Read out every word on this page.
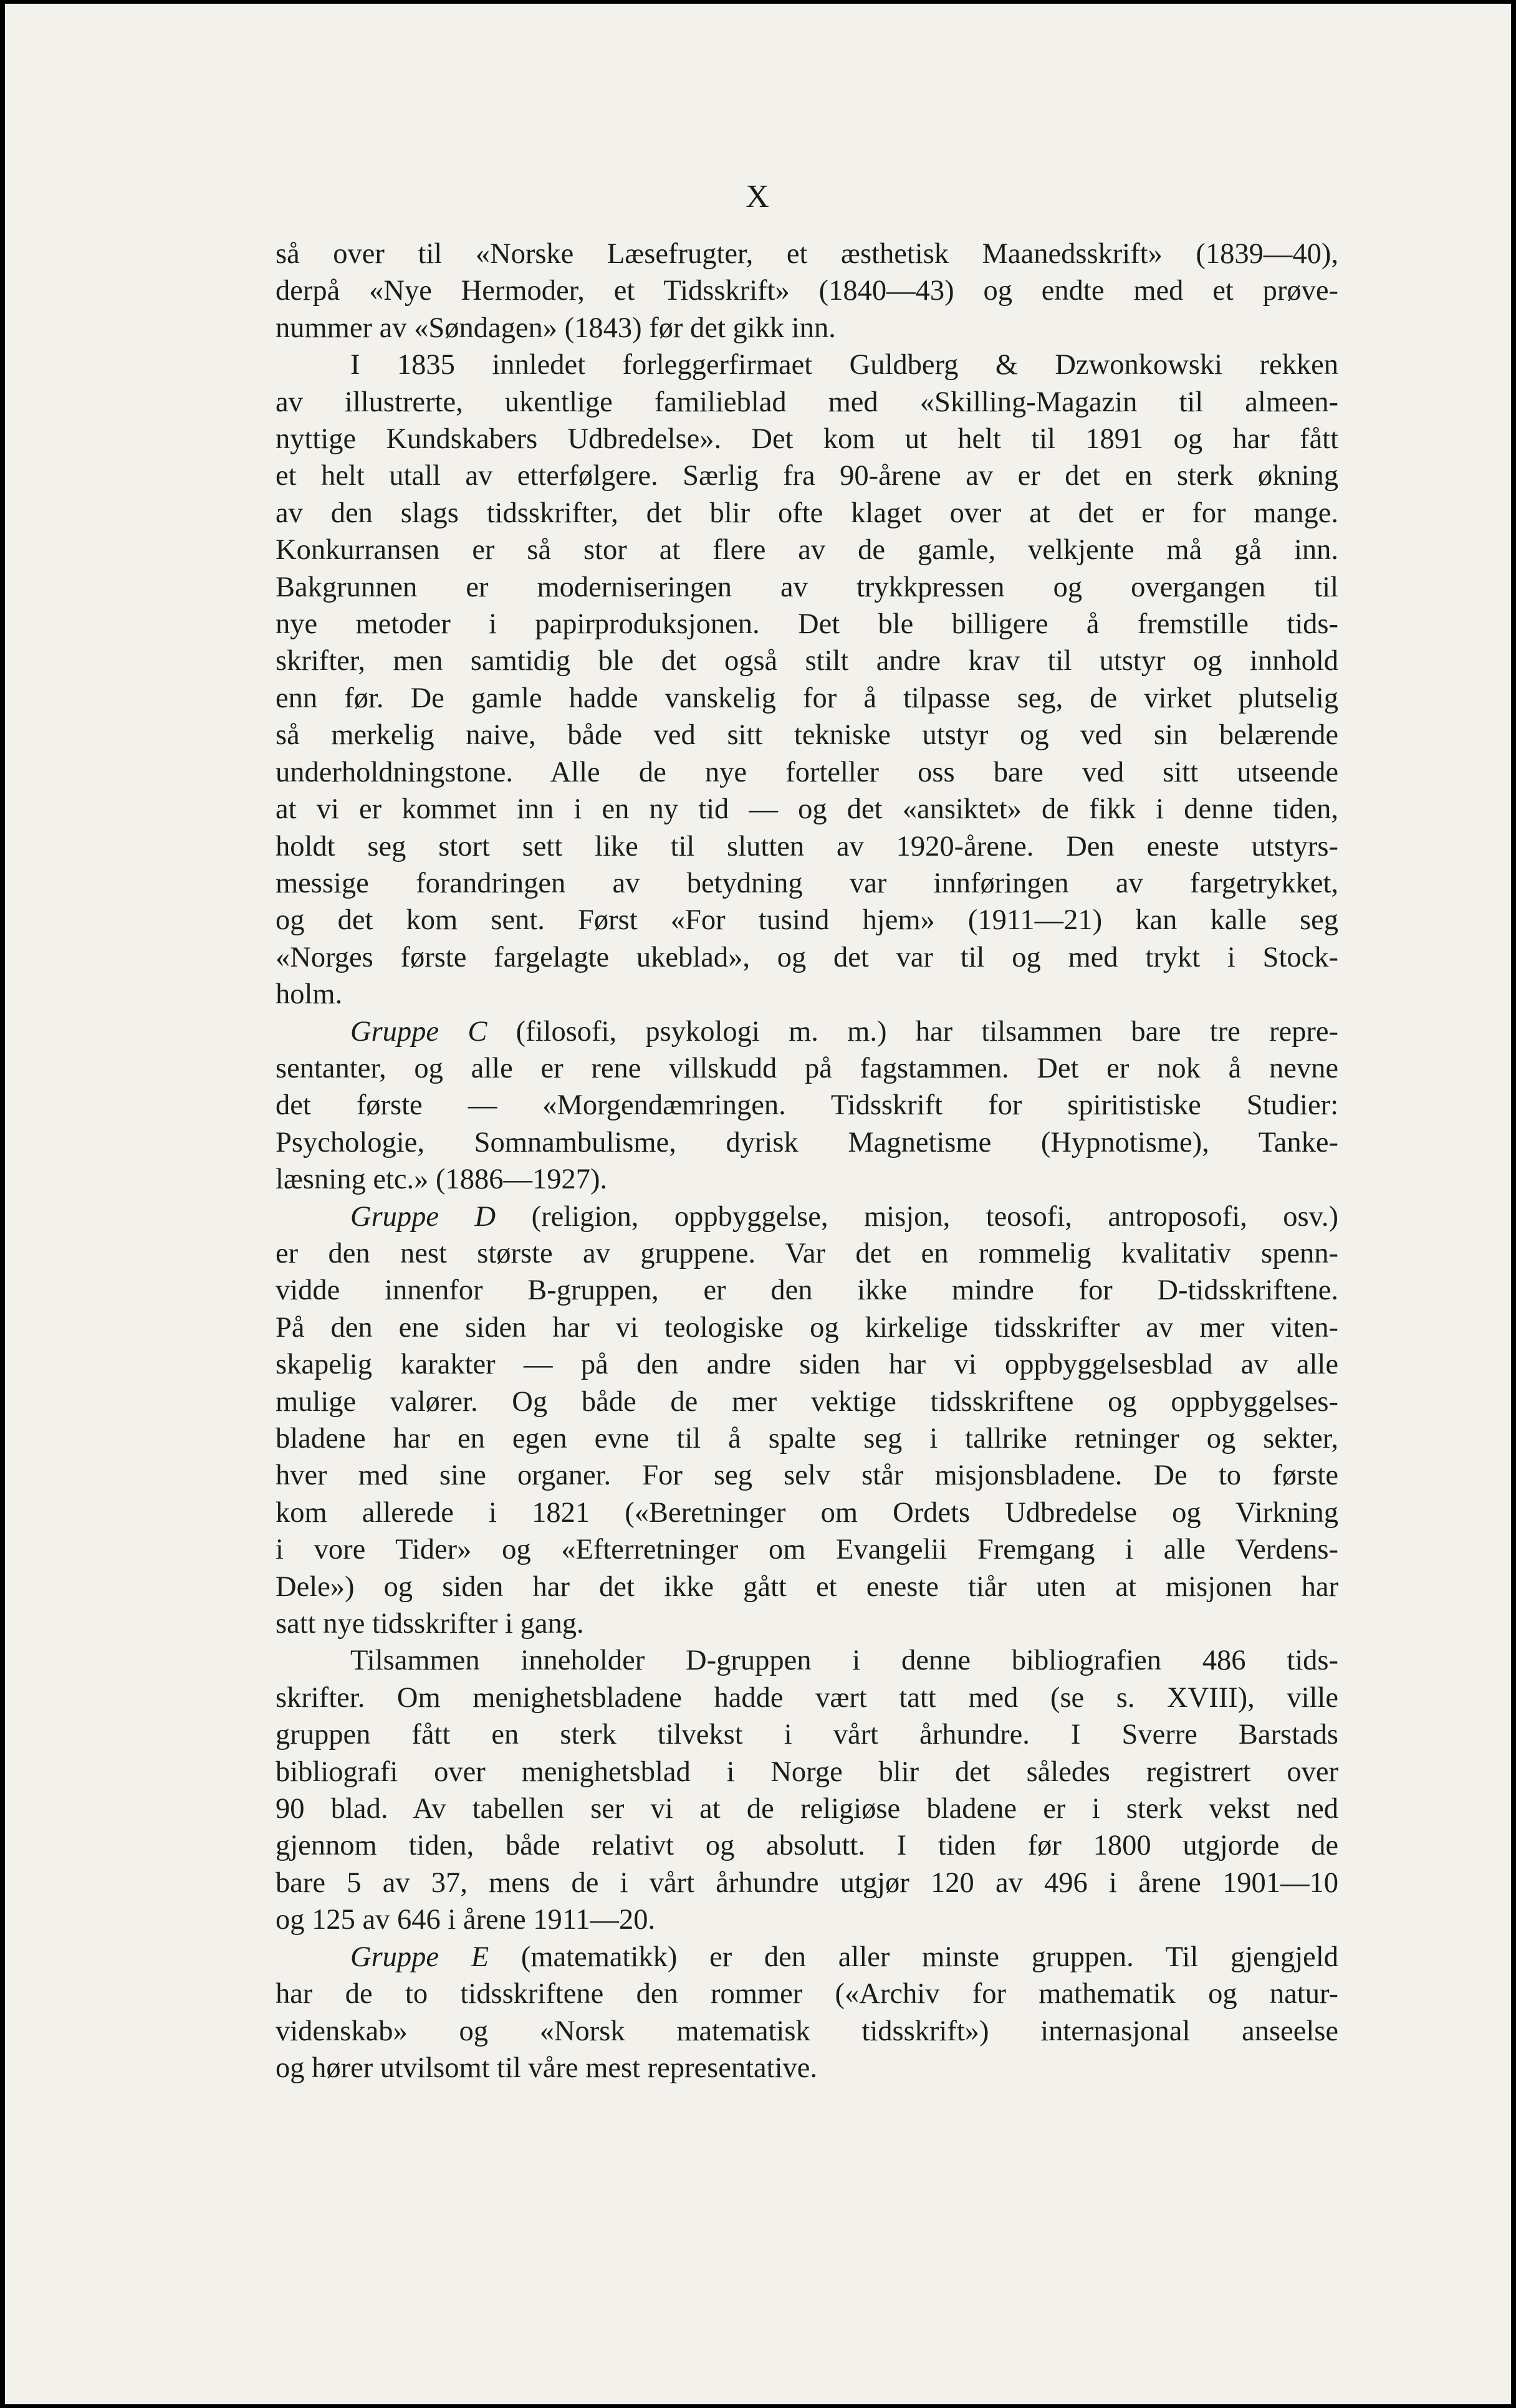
X

så over til «Norske Læsefrugter, et æsthetisk Maanedsskrift» (1839—40),
derpå «Nye Hermoder, et Tidsskrift» (1840—43) og endte med et prøve-
nummer av «Søndagen» (1843) før det gikk inn.

I 1835 innledet forleggerfirmaet Guldberg & Dzwonkowski rekken
av illustrerte, ukentlige familieblad med «Skilling-Magazin til almeen-
nyttige Kundskabers Udbredelse». Det kom ut helt til 1891 og har fått
et helt utall av etterfølgere. Særlig fra 90-årene av er det en sterk økning
av den slags tidsskrifter, det blir ofte klaget over at det er for mange.
Konkurransen er så stor at flere av de gamle, velkjente må gå inn.
Bakgrunnen er moderniseringen av trykkpressen og overgangen til
nye metoder i papirproduksjonen. Det ble billigere å fremstille tids-
skrifter, men samtidig ble det også stilt andre krav til utstyr og innhold
enn før. De gamle hadde vanskelig for å tilpasse seg, de virket plutselig
så merkelig naive, både ved sitt tekniske utstyr og ved sin belærende
underholdningstone. Alle de nye forteller oss bare ved sitt utseende
at vi er kommet inn i en ny tid — og det «ansiktet» de fikk i denne tiden,
holdt seg stort sett like til slutten av 1920-årene. Den eneste utstyrs-
messige forandringen av betydning var innføringen av fargetrykket,
og det kom sent. Først «For tusind hjem» (1911—21) kan kalle seg
«Norges første fargelagte ukeblad», og det var til og med trykt i Stock-
holm.

Gruppe C (filosofi, psykologi m. m.) har tilsammen bare tre repre-
sentanter, og alle er rene villskudd på fagstammen. Det er nok å nevne
det første — «Morgendæmringen. Tidsskrift for spiritistiske Studier:
Psychologie, Somnambulisme, dyrisk Magnetisme (Hypnotisme), Tanke-
læsning etc.» (1886—1927).

Gruppe D (religion, oppbyggelse, misjon, teosofi, antroposofi, osv.)
er den nest største av gruppene. Var det en rommelig kvalitativ spenn-
vidde innenfor B-gruppen, er den ikke mindre for D-tidsskriftene.
På den ene siden har vi teologiske og kirkelige tidsskrifter av mer viten-
skapelig karakter — på den andre siden har vi oppbyggelsesblad av alle
mulige valører. Og både de mer vektige tidsskriftene og oppbyggelses-
bladene har en egen evne til å spalte seg i tallrike retninger og sekter,
hver med sine organer. For seg selv står misjonsbladene. De to første
kom allerede i 1821 («Beretninger om Ordets Udbredelse og Virkning
i vore Tider» og «Efterretninger om Evangelii Fremgang i alle Verdens-
Dele») og siden har det ikke gått et eneste tiår uten at misjonen har
satt nye tidsskrifter i gang.

Tilsammen inneholder D-gruppen i denne bibliografien 486 tids-
skrifter. Om menighetsbladene hadde vært tatt med (se s. XVIII), ville
gruppen fått en sterk tilvekst i vårt århundre. I Sverre Barstads
bibliografi over menighetsblad i Norge blir det således registrert over
90 blad. Av tabellen ser vi at de religiøse bladene er i sterk vekst ned
gjennom tiden, både relativt og absolutt. I tiden før 1800 utgjorde de
bare 5 av 37, mens de i vårt århundre utgjør 120 av 496 i årene 1901—10
og 125 av 646 i årene 1911—20.

Gruppe E (matematikk) er den aller minste gruppen. Til gjengjeld
har de to tidsskriftene den rommer («Archiv for mathematik og natur-
videnskab» og «Norsk matematisk tidsskrift») internasjonal anseelse
og hører utvilsomt til våre mest representative.
